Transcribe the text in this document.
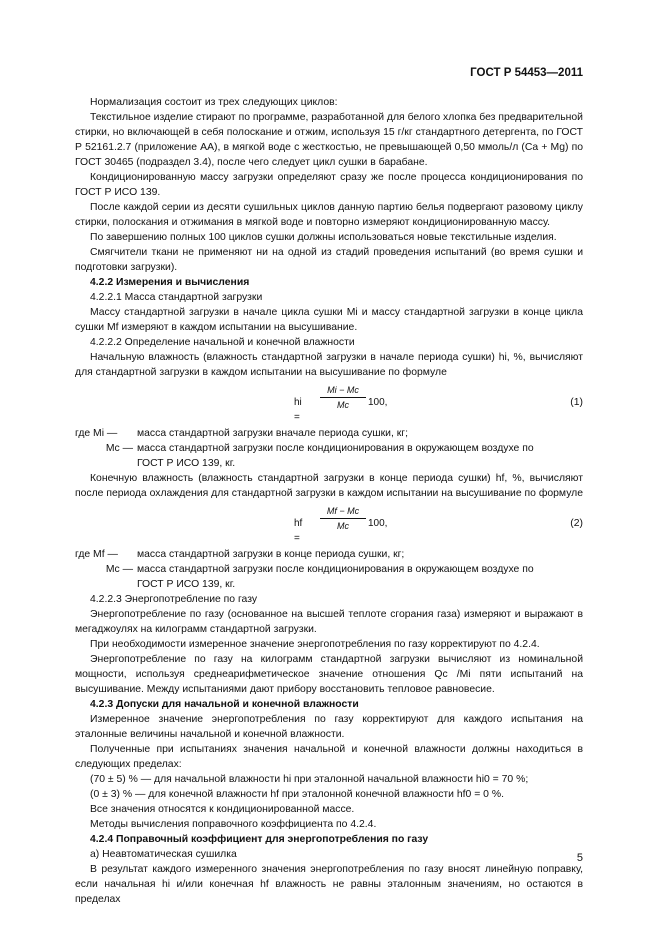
ГОСТ Р 54453—2011

Нормализация состоит из трех следующих циклов:

Текстильное изделие стирают по программе, разработанной для белого хлопка без предварительной стирки, но включающей в себя полоскание и отжим, используя 15 г/кг стандартного детергента, по ГОСТ Р 52161.2.7 (приложение АА), в мягкой воде с жесткостью, не превышающей 0,50 ммоль/л (Ca + Mg) по ГОСТ 30465 (подраздел 3.4), после чего следует цикл сушки в барабане.

Кондиционированную массу загрузки определяют сразу же после процесса кондиционирования по ГОСТ Р ИСО 139.

После каждой серии из десяти сушильных циклов данную партию белья подвергают разовому циклу стирки, полоскания и отжимания в мягкой воде и повторно измеряют кондиционированную массу.

По завершению полных 100 циклов сушки должны использоваться новые текстильные изделия.

Смягчители ткани не применяют ни на одной из стадий проведения испытаний (во время сушки и подготовки загрузки).

4.2.2 Измерения и вычисления

4.2.2.1 Масса стандартной загрузки

Массу стандартной загрузки в начале цикла сушки Mi и массу стандартной загрузки в конце цикла сушки Mf измеряют в каждом испытании на высушивание.

4.2.2.2 Определение начальной и конечной влажности

Начальную влажность (влажность стандартной загрузки в начале периода сушки) hi, %, вычисляют для стандартной загрузки в каждом испытании на высушивание по формуле

hi =
Mi − Mc
Mc	100,	(1)
где Mi —	масса стандартной загрузки вначале периода сушки, кг;
Mc — масса стандартной загрузки после кондиционирования в окружающем воздухе по

ГОСТ Р ИСО 139, кг.

Конечную влажность (влажность стандартной загрузки в конце периода сушки) hf, %, вычисляют после периода охлаждения для стандартной загрузки в каждом испытании на высушивание по формуле

hf =
Mf − Mc
Mc	100,	(2)
где Mf —	масса стандартной загрузки в конце периода сушки, кг;
Mc — масса стандартной загрузки после кондиционирования в окружающем воздухе по

ГОСТ Р ИСО 139, кг.

4.2.2.3 Энергопотребление по газу

Энергопотребление по газу (основанное на высшей теплоте сгорания газа) измеряют и выражают в мегаджоулях на килограмм стандартной загрузки.

При необходимости измеренное значение энергопотребления по газу корректируют по 4.2.4.

Энергопотребление по газу на килограмм стандартной загрузки вычисляют из номинальной мощности, используя среднеарифметическое значение отношения Qc /Mi пяти испытаний на высушивание. Между испытаниями дают прибору восстановить тепловое равновесие.

4.2.3 Допуски для начальной и конечной влажности

Измеренное значение энергопотребления по газу корректируют для каждого испытания на эталонные величины начальной и конечной влажности.

Полученные при испытаниях значения начальной и конечной влажности должны находиться в следующих пределах:

(70 ± 5) % — для начальной влажности hi при эталонной начальной влажности hi0 = 70 %;

(0 ± 3) % — для конечной влажности hf при эталонной конечной влажности hf0 = 0 %.

Все значения относятся к кондиционированной массе.

Методы вычисления поправочного коэффициента по 4.2.4.

4.2.4 Поправочный коэффициент для энергопотребления по газу

а) Неавтоматическая сушилка

В результат каждого измеренного значения энергопотребления по газу вносят линейную поправку, если начальная hi и/или конечная hf влажность не равны эталонным значениям, но остаются в пределах

5
